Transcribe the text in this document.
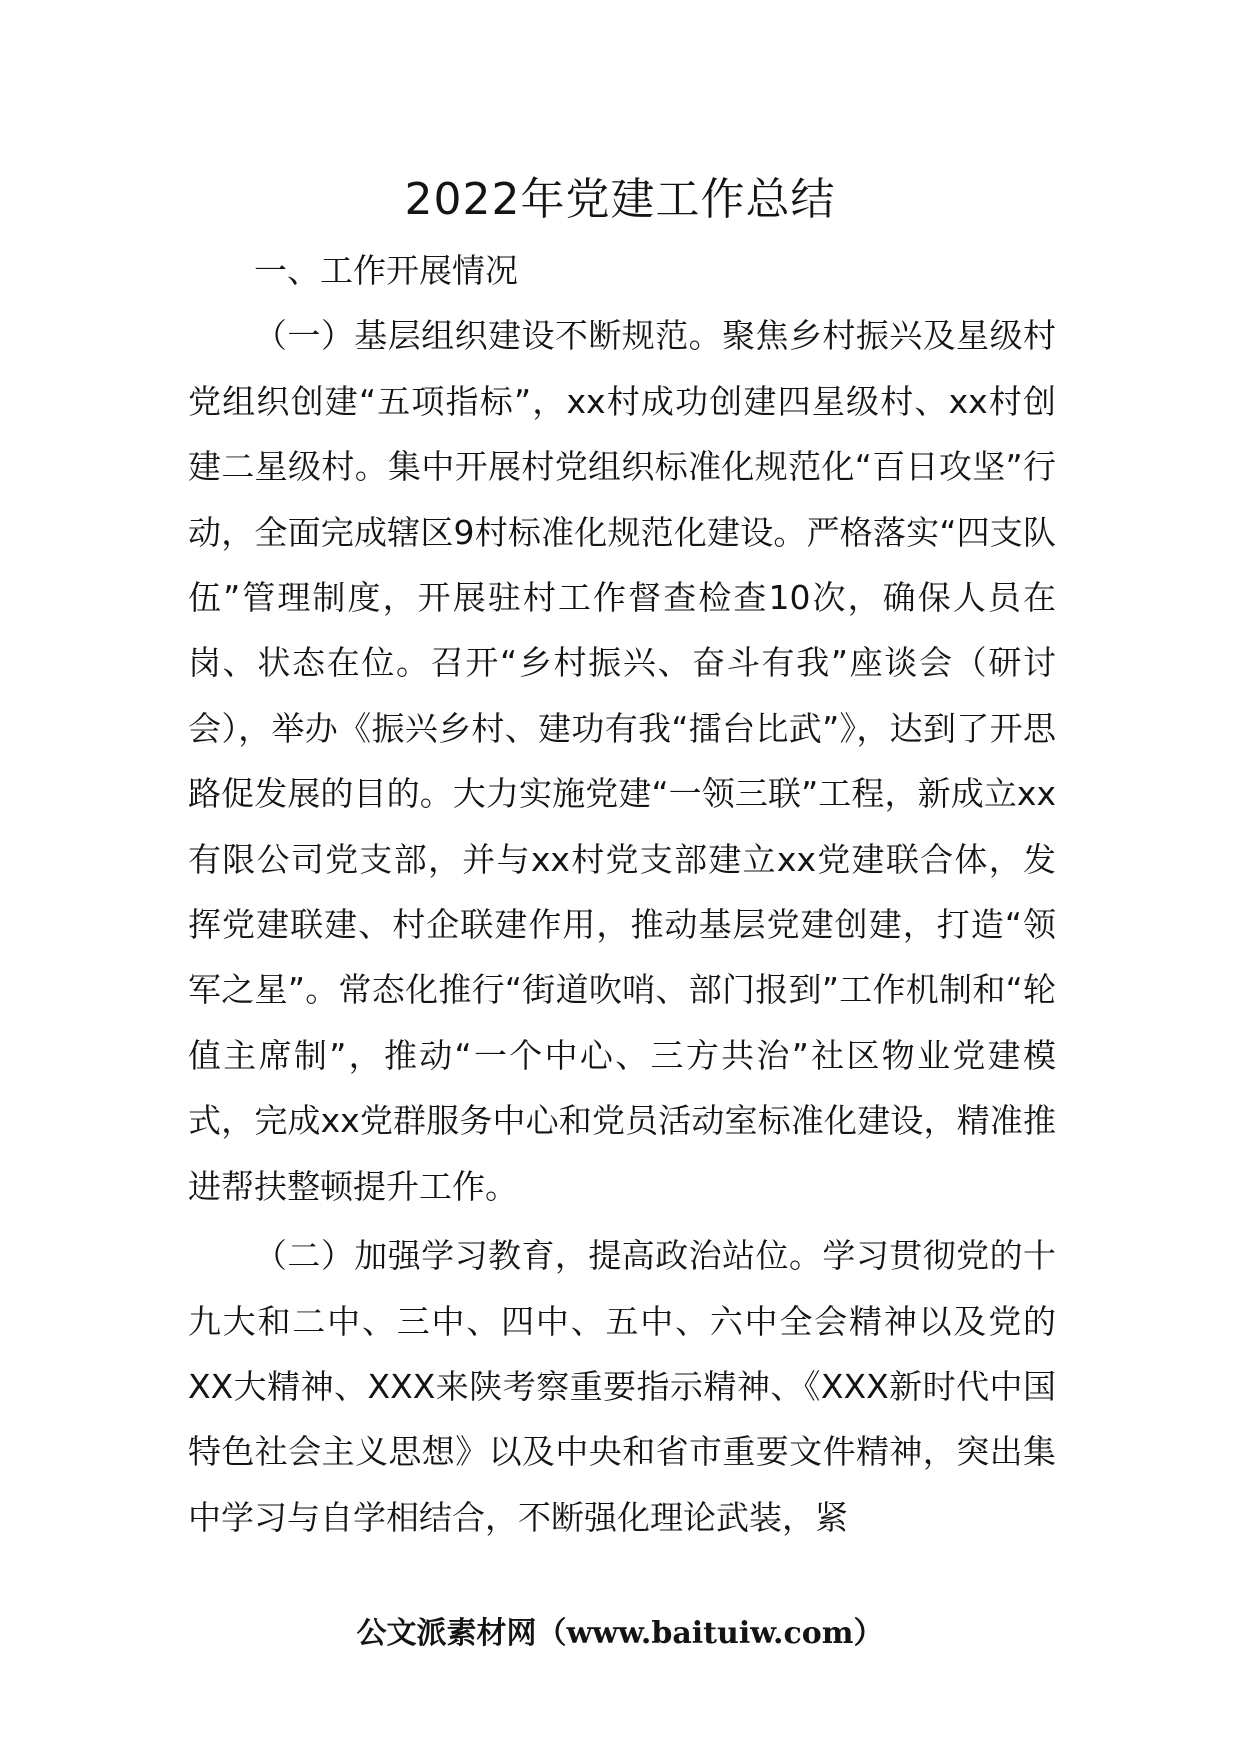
2022年党建工作总结

一、工作开展情况

（一）基层组织建设不断规范。聚焦乡村振兴及星级村党组织创建“五项指标”，xx村成功创建四星级村、xx村创建二星级村。集中开展村党组织标准化规范化“百日攻坚”行动，全面完成辖区9村标准化规范化建设。严格落实“四支队伍”管理制度，开展驻村工作督查检查10次，确保人员在岗、状态在位。召开“乡村振兴、奋斗有我”座谈会（研讨会），举办《振兴乡村、建功有我“擂台比武”》，达到了开思路促发展的目的。大力实施党建“一领三联”工程，新成立xx有限公司党支部，并与xx村党支部建立xx党建联合体，发挥党建联建、村企联建作用，推动基层党建创建，打造“领军之星”。常态化推行“街道吹哨、部门报到”工作机制和“轮值主席制”，推动“一个中心、三方共治”社区物业党建模式，完成xx党群服务中心和党员活动室标准化建设，精准推进帮扶整顿提升工作。

（二）加强学习教育，提高政治站位。学习贯彻党的十九大和二中、三中、四中、五中、六中全会精神以及党的XX大精神、XXX来陕考察重要指示精神、《XXX新时代中国特色社会主义思想》以及中央和省市重要文件精神，突出集中学习与自学相结合，不断强化理论武装，紧

公文派素材网（www.baituiw.com）
